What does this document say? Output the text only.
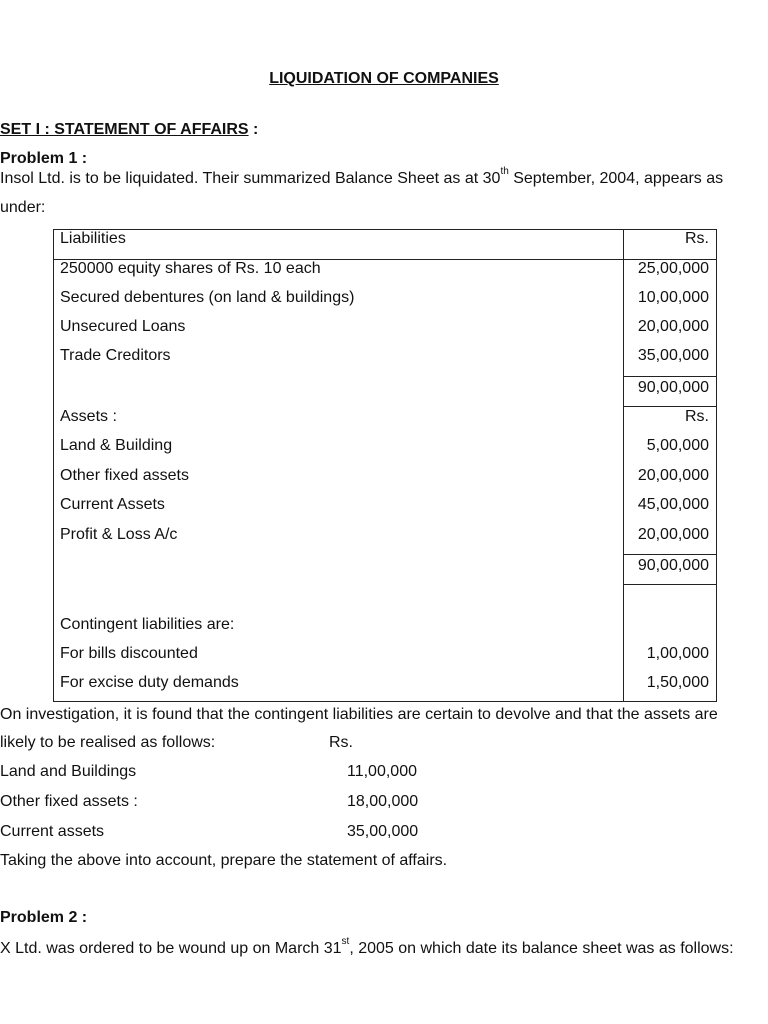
LIQUIDATION OF COMPANIES
SET I : STATEMENT OF AFFAIRS :
Problem 1 :
Insol Ltd. is to be liquidated. Their summarized Balance Sheet as at 30th September, 2004, appears as
under:
Liabilities	Rs.
250000 equity shares of Rs. 10 each	25,00,000
Secured debentures (on land & buildings)	10,00,000
Unsecured Loans	20,00,000
Trade Creditors	35,00,000
90,00,000
Assets :	Rs.
Land & Building	5,00,000
Other fixed assets	20,00,000
Current Assets	45,00,000
Profit & Loss A/c	20,00,000
90,00,000
Contingent liabilities are:
For bills discounted	1,00,000
For excise duty demands	1,50,000
On investigation, it is found that the contingent liabilities are certain to devolve and that the assets are
likely to be realised as follows:	Rs.
Land and Buildings	11,00,000
Other fixed assets :	18,00,000
Current assets	35,00,000
Taking the above into account, prepare the statement of affairs.
Problem 2 :
X Ltd. was ordered to be wound up on March 31st, 2005 on which date its balance sheet was as follows:
